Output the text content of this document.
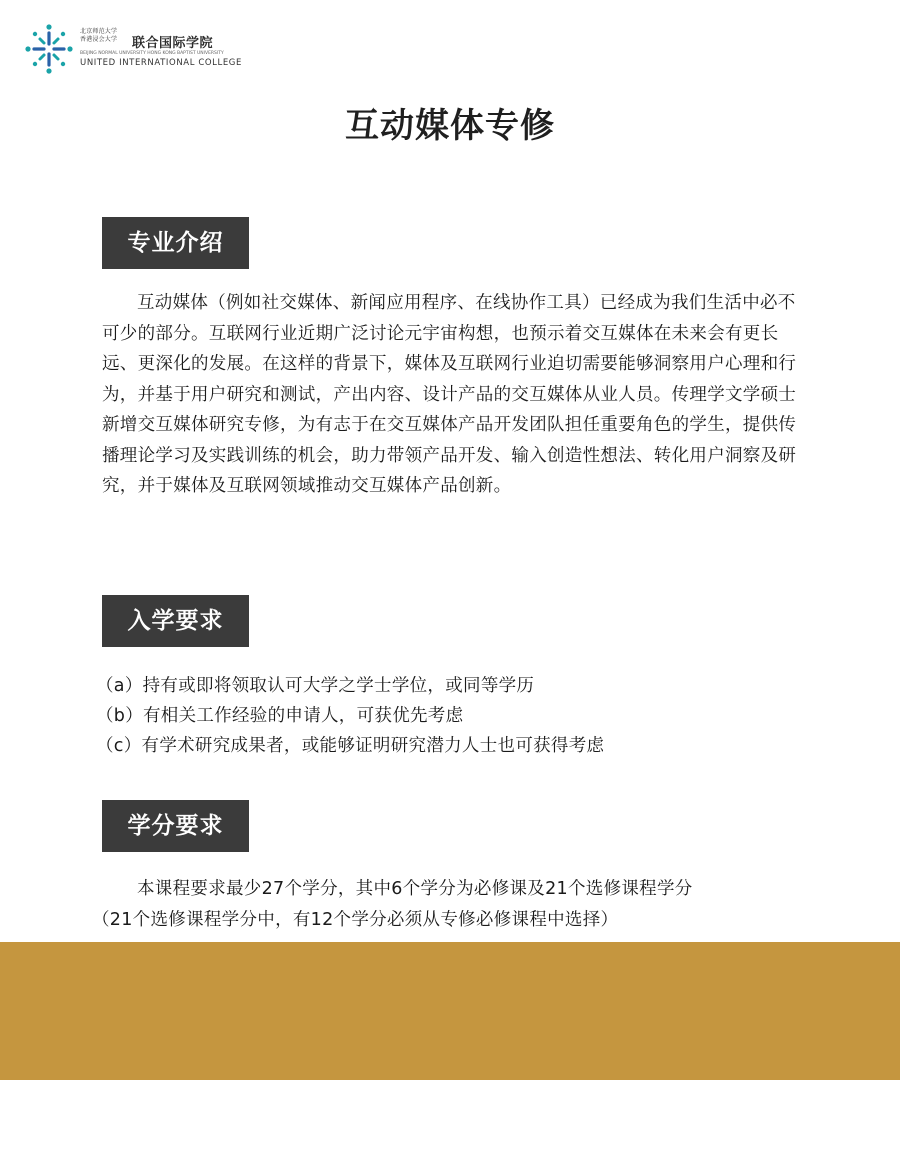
北京师范大学
香港浸会大学	联合国际学院
BEIJING NORMAL UNIVERSITY HONG KONG BAPTIST UNIVERSITY
UNITED INTERNATIONAL COLLEGE
互动媒体专修
专业介绍

互动媒体（例如社交媒体、新闻应用程序、在线协作工具）已经成为我们生活中必不可少的部分。互联网行业近期广泛讨论元宇宙构想，也预示着交互媒体在未来会有更长远、更深化的发展。在这样的背景下，媒体及互联网行业迫切需要能够洞察用户心理和行为，并基于用户研究和测试，产出内容、设计产品的交互媒体从业人员。传理学文学硕士新增交互媒体研究专修，为有志于在交互媒体产品开发团队担任重要角色的学生，提供传播理论学习及实践训练的机会，助力带领产品开发、输入创造性想法、转化用户洞察及研究，并于媒体及互联网领域推动交互媒体产品创新。

入学要求
（a）持有或即将领取认可大学之学士学位，或同等学历
（b）有相关工作经验的申请人，可获优先考虑
（c）有学术研究成果者，或能够证明研究潜力人士也可获得考虑
学分要求
本课程要求最少27个学分，其中6个学分为必修课及21个选修课程学分
（21个选修课程学分中，有12个学分必须从专修必修课程中选择）
